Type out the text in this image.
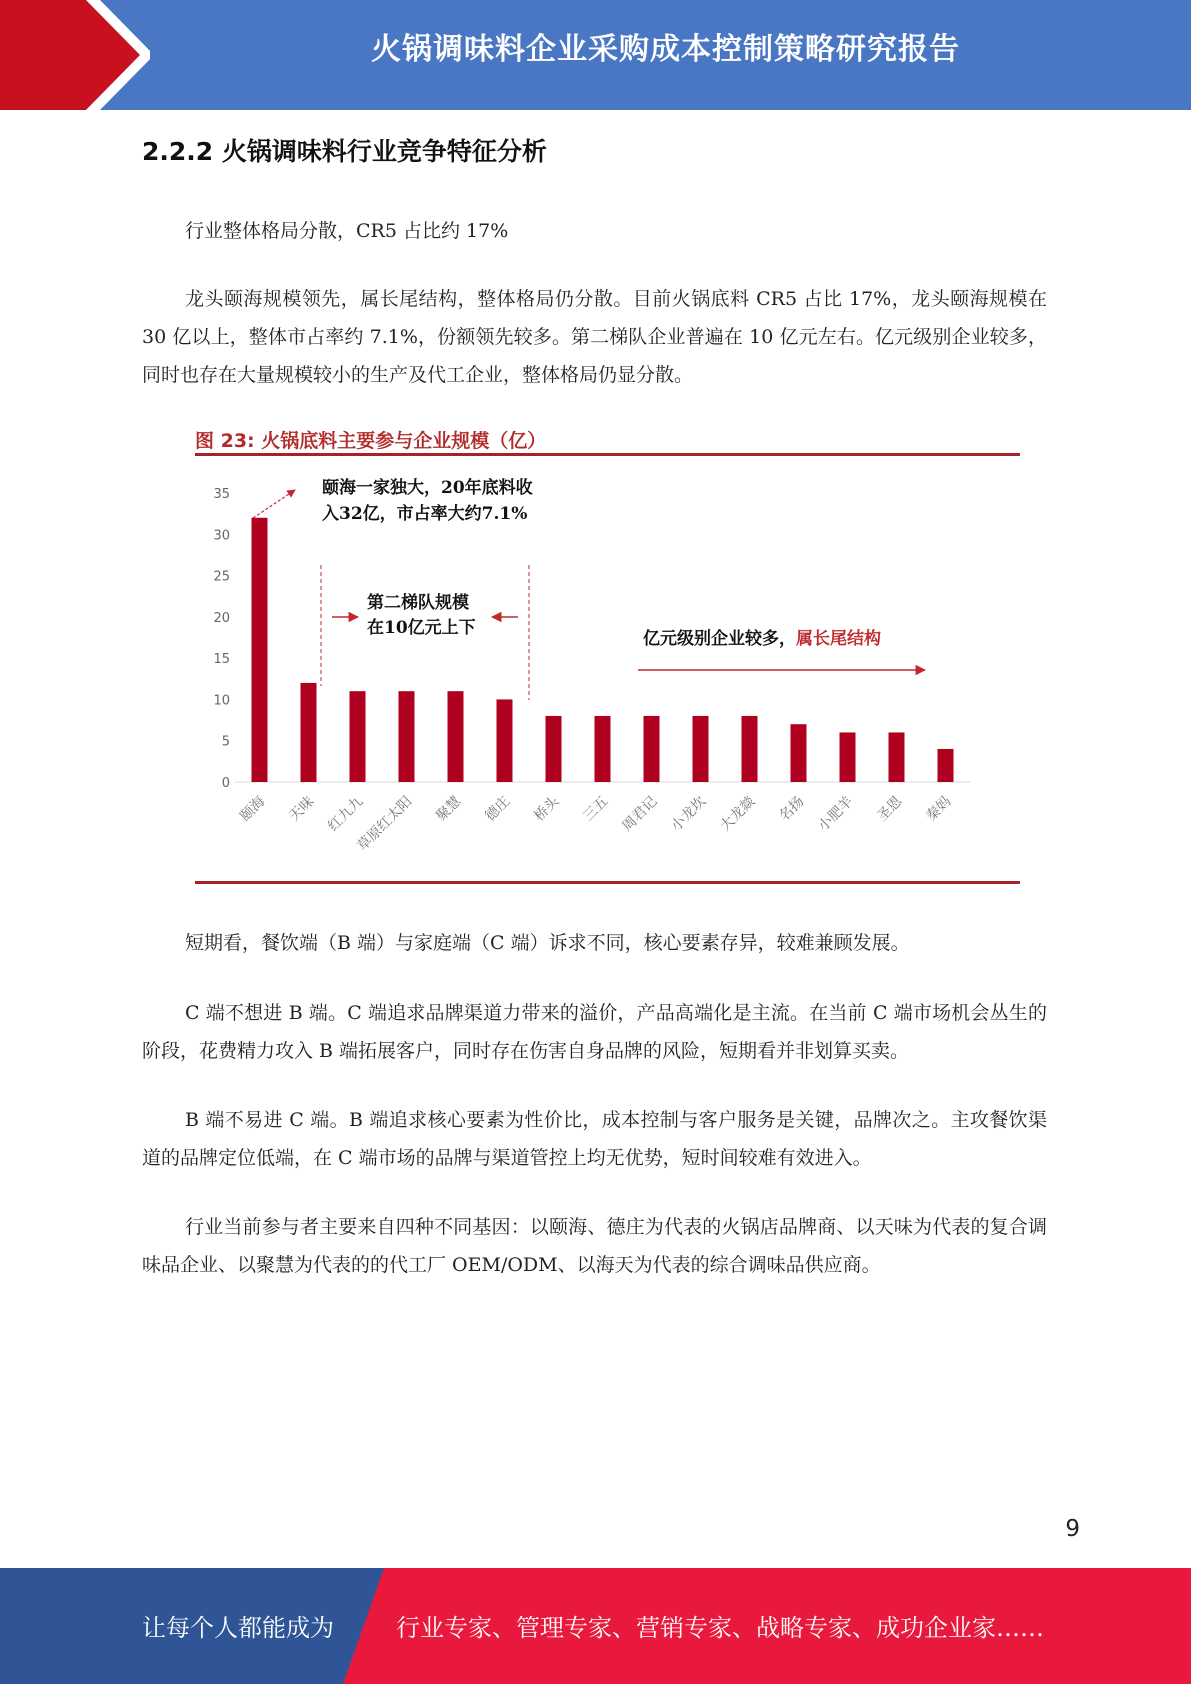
火锅调味料企业采购成本控制策略研究报告
2.2.2 火锅调味料行业竞争特征分析

行业整体格局分散，CR5 占比约 17%

龙头颐海规模领先，属长尾结构，整体格局仍分散。目前火锅底料 CR5 占比 17%，龙头颐海规模在 30 亿以上，整体市占率约 7.1%，份额领先较多。第二梯队企业普遍在 10 亿元左右。亿元级别企业较多，同时也存在大量规模较小的生产及代工企业，整体格局仍显分散。

图 23: 火锅底料主要参与企业规模（亿）
0
5
10
15
20
25
30
35
颐海 天味 红九九
草原红太阳 聚慧 德庄 桥头 三五 周君记 小龙坎 大龙燚 名扬 小肥羊 圣恩 秦妈
颐海一家独大，20年底料收
入32亿，市占率大约7.1%
第二梯队规模
在10亿元上下
亿元级别企业较多，属长尾结构

短期看，餐饮端（B 端）与家庭端（C 端）诉求不同，核心要素存异，较难兼顾发展。

C 端不想进 B 端。C 端追求品牌渠道力带来的溢价，产品高端化是主流。在当前 C 端市场机会丛生的阶段，花费精力攻入 B 端拓展客户，同时存在伤害自身品牌的风险，短期看并非划算买卖。

B 端不易进 C 端。B 端追求核心要素为性价比，成本控制与客户服务是关键，品牌次之。主攻餐饮渠道的品牌定位低端，在 C 端市场的品牌与渠道管控上均无优势，短时间较难有效进入。

行业当前参与者主要来自四种不同基因：以颐海、德庄为代表的火锅店品牌商、以天味为代表的复合调味品企业、以聚慧为代表的的代工厂 OEM/ODM、以海天为代表的综合调味品供应商。

9
让每个人都能成为	行业专家、管理专家、营销专家、战略专家、成功企业家……
